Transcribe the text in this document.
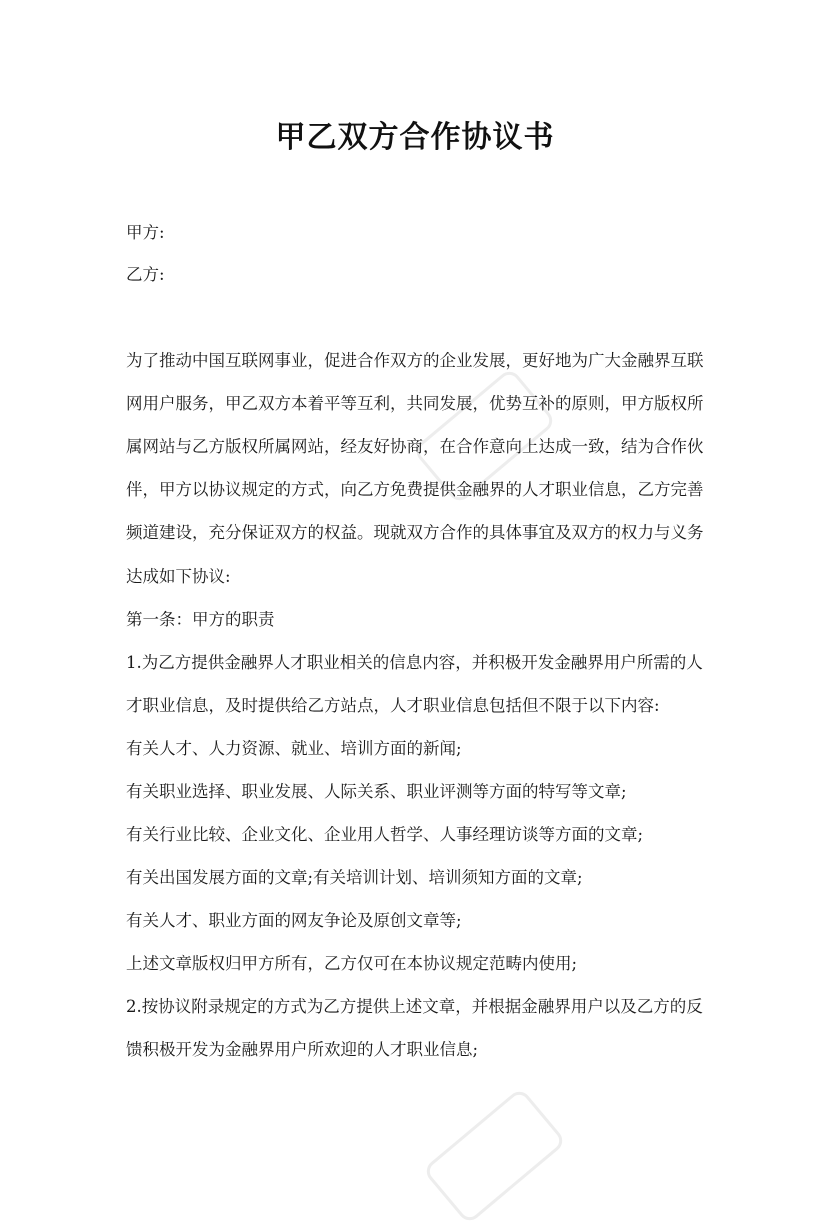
甲乙双方合作协议书
甲方:
乙方:
为了推动中国互联网事业，促进合作双方的企业发展，更好地为广大金融界互联
网用户服务，甲乙双方本着平等互利，共同发展，优势互补的原则，甲方版权所
属网站与乙方版权所属网站，经友好协商，在合作意向上达成一致，结为合作伙
伴，甲方以协议规定的方式，向乙方免费提供金融界的人才职业信息，乙方完善
频道建设，充分保证双方的权益。现就双方合作的具体事宜及双方的权力与义务
达成如下协议:
第一条：甲方的职责
1.为乙方提供金融界人才职业相关的信息内容，并积极开发金融界用户所需的人
才职业信息，及时提供给乙方站点，人才职业信息包括但不限于以下内容:
有关人才、人力资源、就业、培训方面的新闻;
有关职业选择、职业发展、人际关系、职业评测等方面的特写等文章;
有关行业比较、企业文化、企业用人哲学、人事经理访谈等方面的文章;
有关出国发展方面的文章;有关培训计划、培训须知方面的文章;
有关人才、职业方面的网友争论及原创文章等;
上述文章版权归甲方所有，乙方仅可在本协议规定范畴内使用;
2.按协议附录规定的方式为乙方提供上述文章，并根据金融界用户以及乙方的反
馈积极开发为金融界用户所欢迎的人才职业信息;
